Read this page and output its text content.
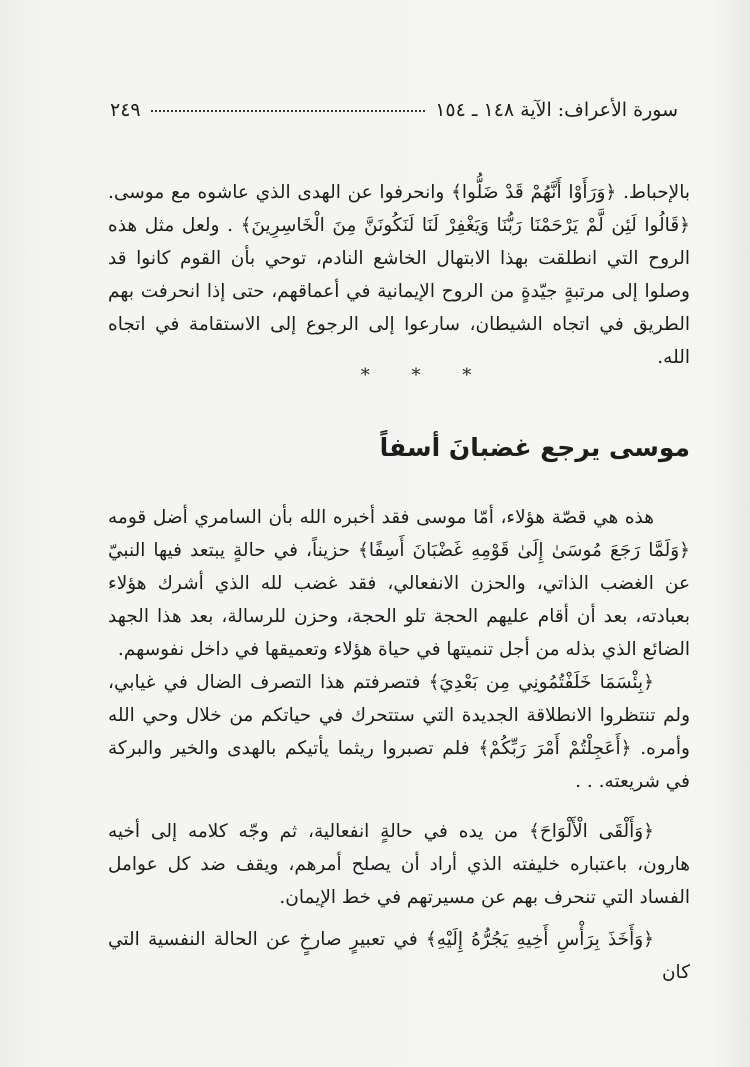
سورة الأعراف: الآية ١٤٨ ـ ١٥٤
٢٤٩

بالإحباط. ﴿وَرَأَوْا أَنَّهُمْ قَدْ ضَلُّوا﴾ وانحرفوا عن الهدى الذي عاشوه مع موسى. ﴿قَالُوا لَئِن لَّمْ يَرْحَمْنَا رَبُّنَا وَيَغْفِرْ لَنَا لَنَكُونَنَّ مِنَ الْخَاسِرِينَ﴾ . ولعل مثل هذه الروح التي انطلقت بهذا الابتهال الخاشع النادم، توحي بأن القوم كانوا قد وصلوا إلى مرتبةٍ جيّدةٍ من الروح الإيمانية في أعماقهم، حتى إذا انحرفت بهم الطريق في اتجاه الشيطان، سارعوا إلى الرجوع إلى الاستقامة في اتجاه الله.

* * *
موسى يرجع غضبانَ أسفاً

هذه هي قصّة هؤلاء، أمّا موسى فقد أخبره الله بأن السامري أضل قومه ﴿وَلَمَّا رَجَعَ مُوسَىٰ إِلَىٰ قَوْمِهِ غَضْبَانَ أَسِفًا﴾ حزيناً، في حالةٍ يبتعد فيها النبيّ عن الغضب الذاتي، والحزن الانفعالي، فقد غضب لله الذي أشرك هؤلاء بعبادته، بعد أن أقام عليهم الحجة تلو الحجة، وحزن للرسالة، بعد هذا الجهد الضائع الذي بذله من أجل تنميتها في حياة هؤلاء وتعميقها في داخل نفوسهم.

﴿بِئْسَمَا خَلَفْتُمُونِي مِن بَعْدِيَ﴾ فتصرفتم هذا التصرف الضال في غيابي، ولم تنتظروا الانطلاقة الجديدة التي ستتحرك في حياتكم من خلال وحي الله وأمره. ﴿أَعَجِلْتُمْ أَمْرَ رَبِّكُمْ﴾ فلم تصبروا ريثما يأتيكم بالهدى والخير والبركة في شريعته. . .

﴿وَأَلْقَى الْأَلْوَاحَ﴾ من يده في حالةٍ انفعالية، ثم وجّه كلامه إلى أخيه هارون، باعتباره خليفته الذي أراد أن يصلح أمرهم، ويقف ضد كل عوامل الفساد التي تنحرف بهم عن مسيرتهم في خط الإيمان.

﴿وَأَخَذَ بِرَأْسِ أَخِيهِ يَجُرُّهُ إِلَيْهِ﴾ في تعبيرٍ صارخٍ عن الحالة النفسية التي كان
